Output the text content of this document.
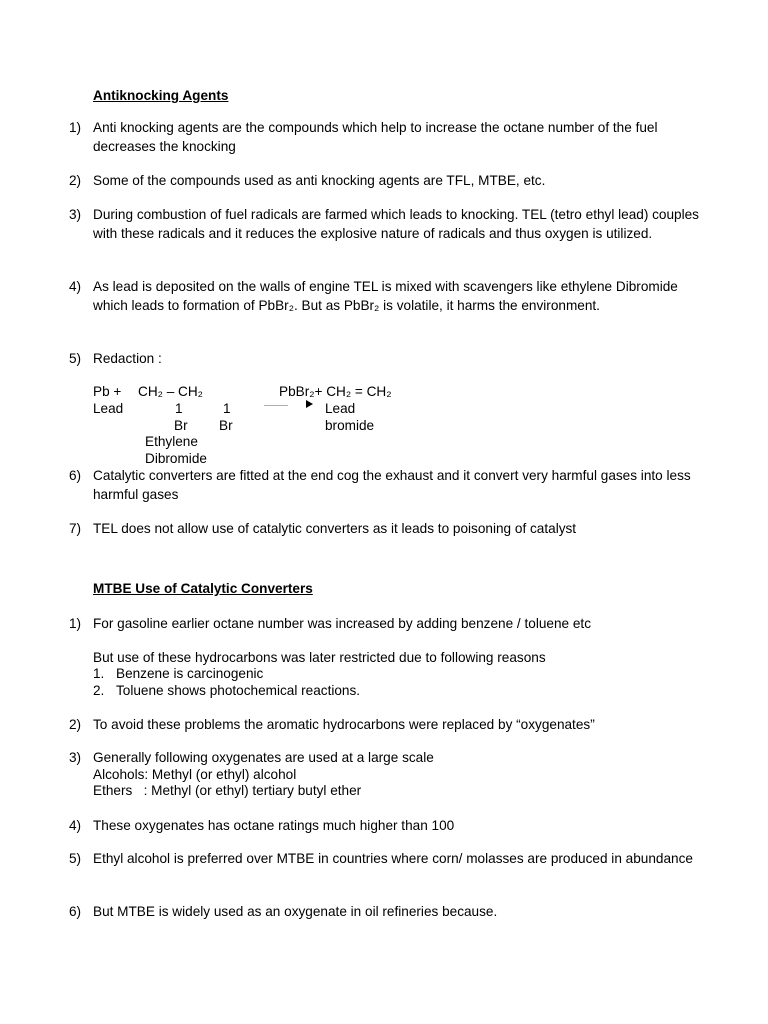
Antiknocking Agents
1) Anti knocking agents are the compounds which help to increase the octane number of the fuel decreases the knocking
2) Some of the compounds used as anti knocking agents are TFL, MTBE, etc.
3) During combustion of fuel radicals are farmed which leads to knocking. TEL (tetro ethyl lead) couples with these radicals and it reduces the explosive nature of radicals and thus oxygen is utilized.
4) As lead is deposited on the walls of engine TEL is mixed with scavengers like ethylene Dibromide which leads to formation of PbBr₂. But as PbBr₂ is volatile, it harms the environment.
5) Redaction :
Pb + CH₂ – CH₂	PbBr₂+ CH₂ = CH₂
Lead	1	1	Lead
Br Br	bromide
Ethylene
Dibromide
6) Catalytic converters are fitted at the end cog the exhaust and it convert very harmful gases into less harmful gases
7) TEL does not allow use of catalytic converters as it leads to poisoning of catalyst
MTBE Use of Catalytic Converters
1) For gasoline earlier octane number was increased by adding benzene / toluene etc
But use of these hydrocarbons was later restricted due to following reasons
1. Benzene is carcinogenic
2. Toluene shows photochemical reactions.
2) To avoid these problems the aromatic hydrocarbons were replaced by “oxygenates”
3) Generally following oxygenates are used at a large scale
Alcohols: Methyl (or ethyl) alcohol
Ethers   : Methyl (or ethyl) tertiary butyl ether
4) These oxygenates has octane ratings much higher than 100
5) Ethyl alcohol is preferred over MTBE in countries where corn/ molasses are produced in abundance
6) But MTBE is widely used as an oxygenate in oil refineries because.
